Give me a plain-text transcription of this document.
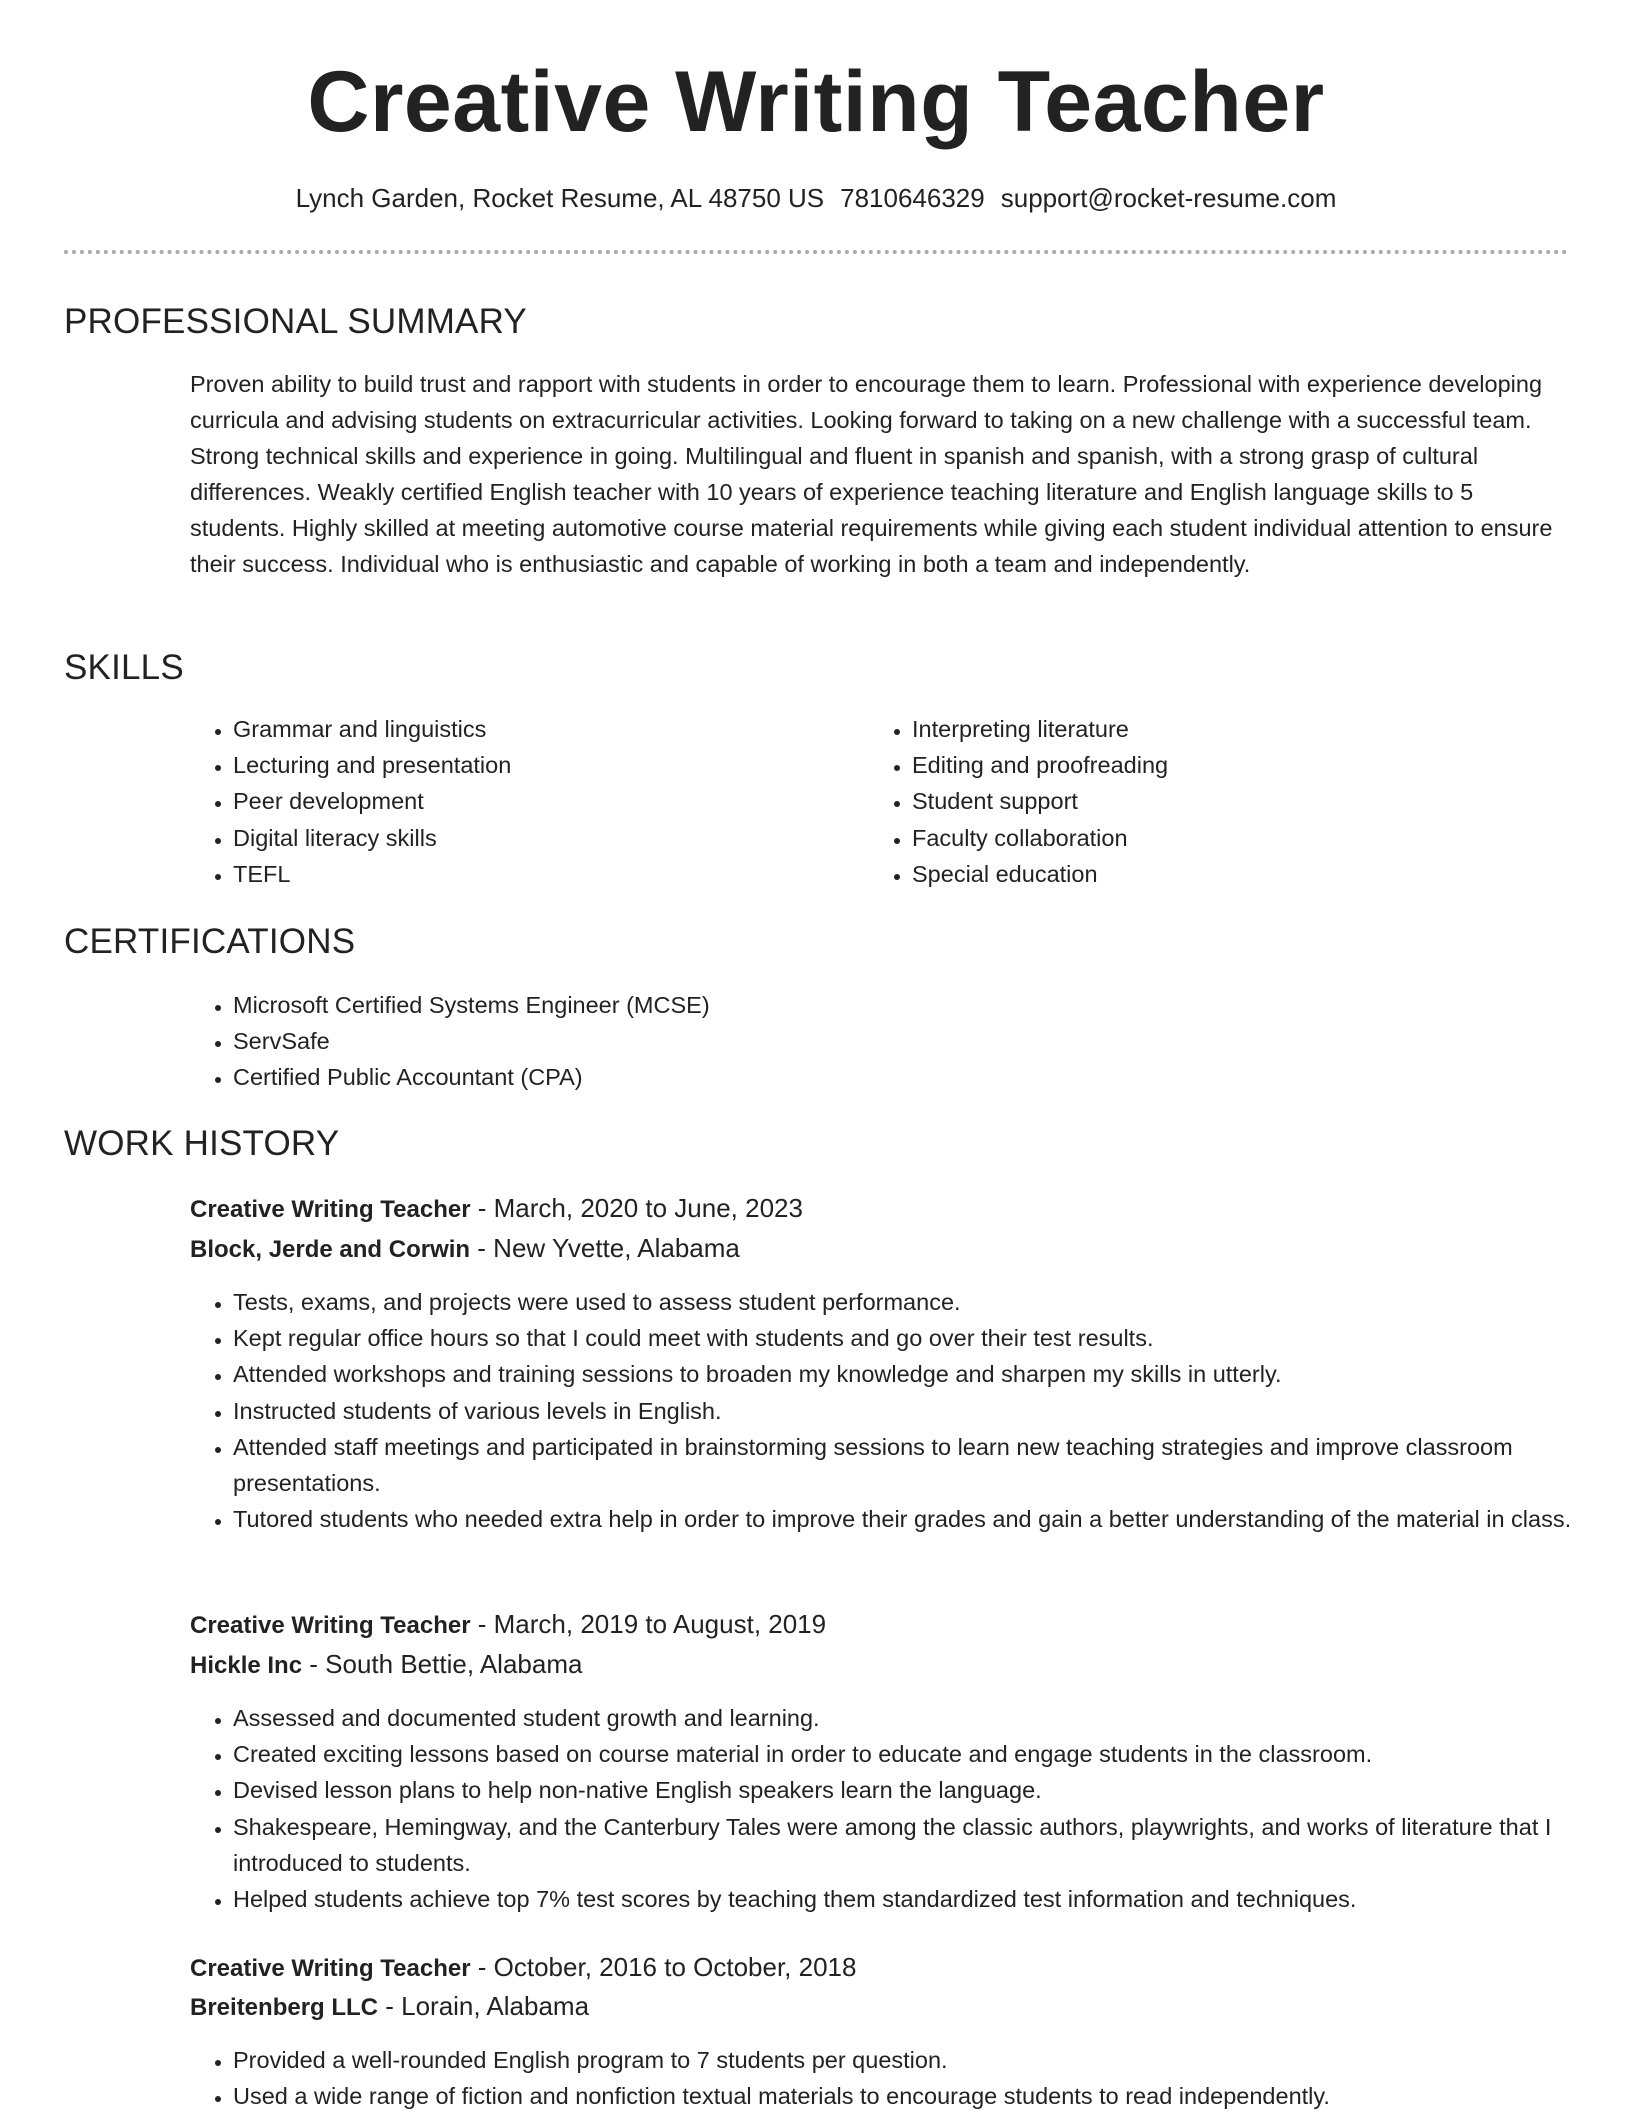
Creative Writing Teacher
Lynch Garden, Rocket Resume, AL 48750 US 7810646329 support@rocket-resume.com
PROFESSIONAL SUMMARY

Proven ability to build trust and rapport with students in order to encourage them to learn. Professional with experience developing curricula and advising students on extracurricular activities. Looking forward to taking on a new challenge with a successful team. Strong technical skills and experience in going. Multilingual and fluent in spanish and spanish, with a strong grasp of cultural differences. Weakly certified English teacher with 10 years of experience teaching literature and English language skills to 5 students. Highly skilled at meeting automotive course material requirements while giving each student individual attention to ensure their success. Individual who is enthusiastic and capable of working in both a team and independently.

SKILLS
• Grammar and linguistics
• Lecturing and presentation
• Peer development
• Digital literacy skills
• TEFL
• Interpreting literature
• Editing and proofreading
• Student support
• Faculty collaboration
• Special education
CERTIFICATIONS
• Microsoft Certified Systems Engineer (MCSE)
• ServSafe
• Certified Public Accountant (CPA)
WORK HISTORY
Creative Writing Teacher - March, 2020 to June, 2023
Block, Jerde and Corwin - New Yvette, Alabama
• Tests, exams, and projects were used to assess student performance.
• Kept regular office hours so that I could meet with students and go over their test results.
• Attended workshops and training sessions to broaden my knowledge and sharpen my skills in utterly.
• Instructed students of various levels in English.
• Attended staff meetings and participated in brainstorming sessions to learn new teaching strategies and improve classroom presentations.
• Tutored students who needed extra help in order to improve their grades and gain a better understanding of the material in class.
Creative Writing Teacher - March, 2019 to August, 2019
Hickle Inc - South Bettie, Alabama
• Assessed and documented student growth and learning.
• Created exciting lessons based on course material in order to educate and engage students in the classroom.
• Devised lesson plans to help non-native English speakers learn the language.
• Shakespeare, Hemingway, and the Canterbury Tales were among the classic authors, playwrights, and works of literature that I introduced to students.
• Helped students achieve top 7% test scores by teaching them standardized test information and techniques.
Creative Writing Teacher - October, 2016 to October, 2018
Breitenberg LLC - Lorain, Alabama
• Provided a well-rounded English program to 7 students per question.
• Used a wide range of fiction and nonfiction textual materials to encourage students to read independently.
